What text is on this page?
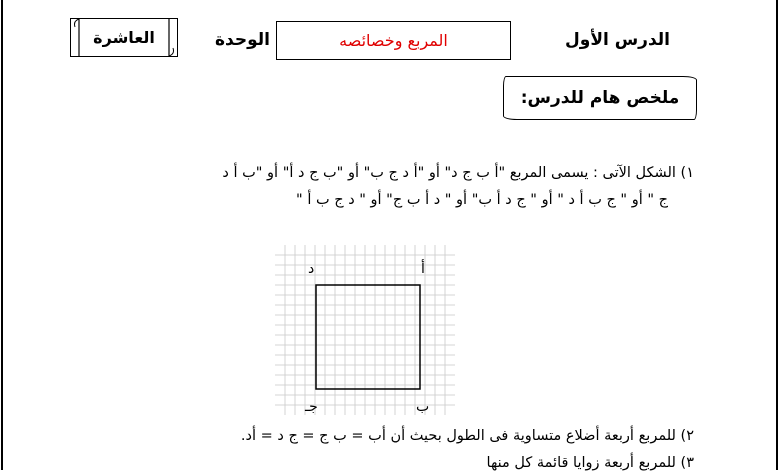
الدرس الأول
المربع وخصائصه
الوحدة
العاشرة
ملخص هام للدرس:
١) الشكل الآتى : يسمى المربع "أ ب ج د" أو "أ د ج ب" أو "ب ج د أ" أو "ب أ د
ج " أو " ج ب أ د " أو " ج د أ ب" أو " د أ ب ج" أو " د ج ب أ "
أ
د
ب
جـ
٢) للمربع أربعة أضلاع متساوية فى الطول بحيث أن أب = ب ج = ج د = أد.
٣) للمربع أربعة زوايا قائمة كل منها
